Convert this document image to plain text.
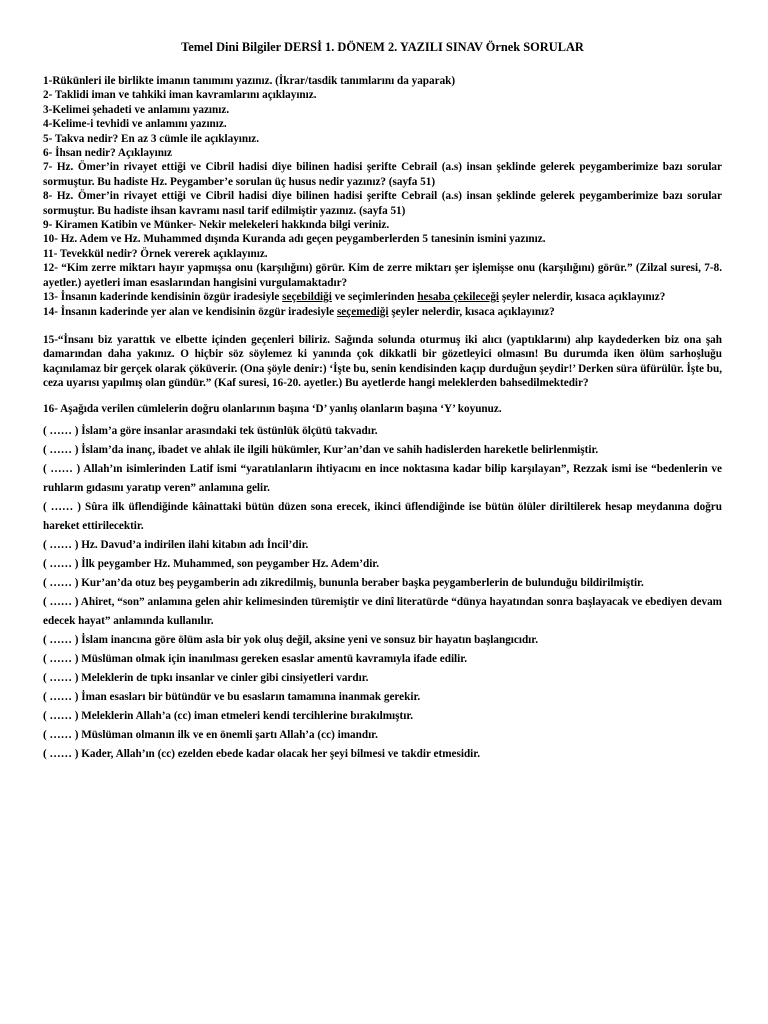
Temel Dini Bilgiler DERSİ 1. DÖNEM 2. YAZILI SINAV Örnek SORULAR
1-Rükünleri ile birlikte imanın tanımını yazınız. (İkrar/tasdik tanımlarını da yaparak)
2- Taklidi iman ve tahkiki iman kavramlarını açıklayınız.
3-Kelimei şehadeti ve anlamını yazınız.
4-Kelime-i tevhidi ve anlamını yazınız.
5- Takva nedir? En az 3 cümle ile açıklayınız.
6- İhsan nedir? Açıklayınız
7- Hz. Ömer’in rivayet ettiği ve Cibril hadisi diye bilinen hadisi şerifte Cebrail (a.s) insan şeklinde gelerek peygamberimize bazı sorular sormuştur. Bu hadiste Hz. Peygamber’e sorulan üç husus nedir yazınız? (sayfa 51)
8- Hz. Ömer’in rivayet ettiği ve Cibril hadisi diye bilinen hadisi şerifte Cebrail (a.s) insan şeklinde gelerek peygamberimize bazı sorular sormuştur. Bu hadiste ihsan kavramı nasıl tarif edilmiştir yazınız. (sayfa 51)
9- Kiramen Katibin ve Münker- Nekir melekeleri hakkında bilgi veriniz.
10- Hz. Adem ve Hz. Muhammed dışında Kuranda adı geçen peygamberlerden 5 tanesinin ismini yazınız.
11- Tevekkül nedir? Örnek vererek açıklayınız.
12- “Kim zerre miktarı hayır yapmışsa onu (karşılığını) görür. Kim de zerre miktarı şer işlemişse onu (karşılığını) görür.” (Zilzal suresi, 7-8. ayetler.) ayetleri iman esaslarından hangisini vurgulamaktadır?
13- İnsanın kaderinde kendisinin özgür iradesiyle seçebildiği ve seçimlerinden hesaba çekileceği şeyler nelerdir, kısaca açıklayınız?
14- İnsanın kaderinde yer alan ve kendisinin özgür iradesiyle seçemediği şeyler nelerdir, kısaca açıklayınız?
15-“İnsanı biz yarattık ve elbette içinden geçenleri biliriz. Sağında solunda oturmuş iki alıcı (yaptıklarını) alıp kaydederken biz ona şah damarından daha yakınız. O hiçbir söz söylemez ki yanında çok dikkatli bir gözetleyici olmasın! Bu durumda iken ölüm sarhoşluğu kaçınılamaz bir gerçek olarak çöküverir. (Ona şöyle denir:) ‘İşte bu, senin kendisinden kaçıp durduğun şeydir!’ Derken süra üfürülür. İşte bu, ceza uyarısı yapılmış olan gündür.” (Kaf suresi, 16-20. ayetler.) Bu ayetlerde hangi meleklerden bahsedilmektedir?
16- Aşağıda verilen cümlelerin doğru olanlarının başına ‘D’ yanlış olanların başına ‘Y’ koyunuz.
( …… ) İslam’a göre insanlar arasındaki tek üstünlük ölçütü takvadır.
( …… ) İslam’da inanç, ibadet ve ahlak ile ilgili hükümler, Kur’an’dan ve sahih hadislerden hareketle belirlenmiştir.
( …… ) Allah’ın isimlerinden Latif ismi “yaratılanların ihtiyacını en ince noktasına kadar bilip karşılayan”, Rezzak ismi ise “bedenlerin ve ruhların gıdasını yaratıp veren” anlamına gelir.
( …… ) Sûra ilk üflendiğinde kâinattaki bütün düzen sona erecek, ikinci üflendiğinde ise bütün ölüler diriltilerek hesap meydanına doğru hareket ettirilecektir.
( …… ) Hz. Davud’a indirilen ilahi kitabın adı İncil’dir.
( …… ) İlk peygamber Hz. Muhammed, son peygamber Hz. Adem’dir.
( …… ) Kur’an’da otuz beş peygamberin adı zikredilmiş, bununla beraber başka peygamberlerin de bulunduğu bildirilmiştir.
( …… ) Ahiret, “son” anlamına gelen ahir kelimesinden türemiştir ve dinî literatürde “dünya hayatından sonra başlayacak ve ebediyen devam edecek hayat” anlamında kullanılır.
( …… ) İslam inancına göre ölüm asla bir yok oluş değil, aksine yeni ve sonsuz bir hayatın başlangıcıdır.
( …… ) Müslüman olmak için inanılması gereken esaslar amentü kavramıyla ifade edilir.
( …… ) Meleklerin de tıpkı insanlar ve cinler gibi cinsiyetleri vardır.
( …… ) İman esasları bir bütündür ve bu esasların tamamına inanmak gerekir.
( …… ) Meleklerin Allah’a (cc) iman etmeleri kendi tercihlerine bırakılmıştır.
( …… ) Müslüman olmanın ilk ve en önemli şartı Allah’a (cc) imandır.
( …… ) Kader, Allah’ın (cc) ezelden ebede kadar olacak her şeyi bilmesi ve takdir etmesidir.
